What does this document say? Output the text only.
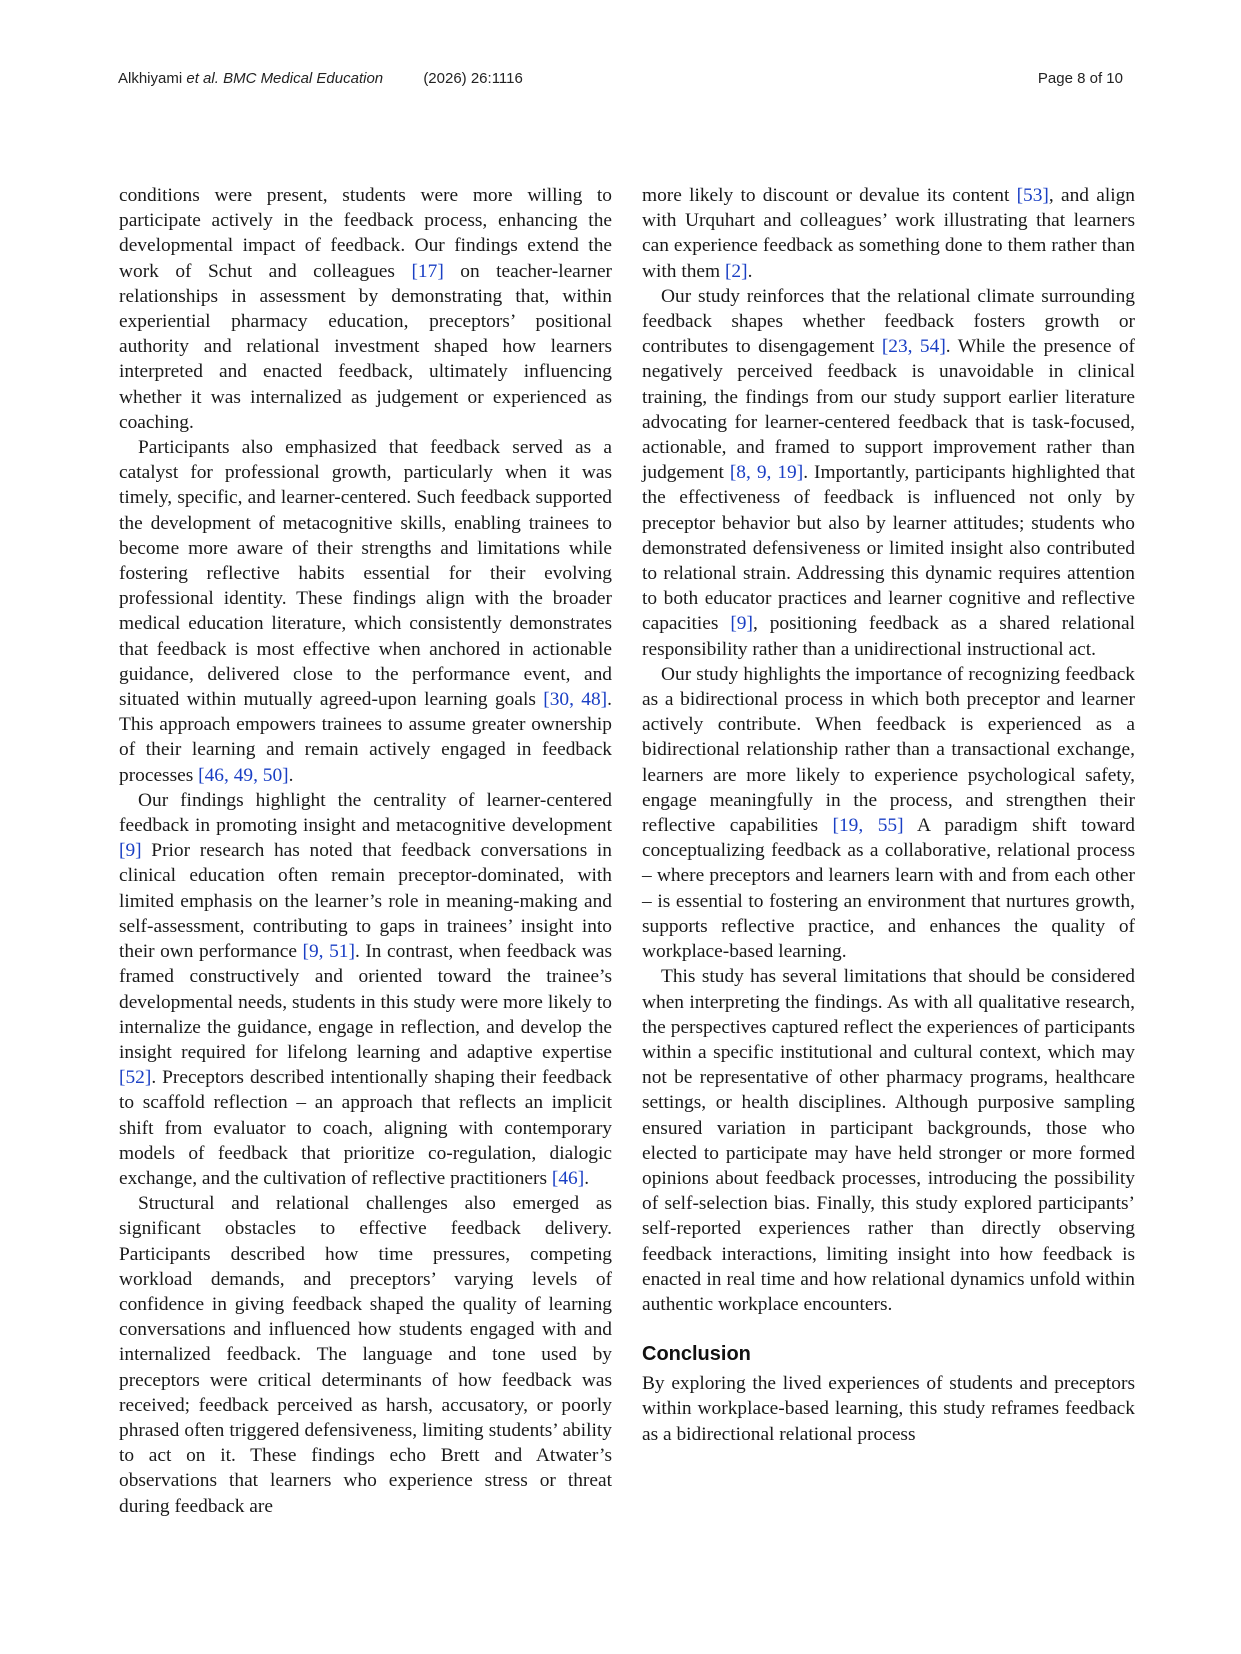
Alkhiyami et al. BMC Medical Education	(2026) 26:1116	Page 8 of 10

conditions were present, students were more willing to participate actively in the feedback process, enhancing the developmental impact of feedback. Our findings extend the work of Schut and colleagues [17] on teacher-learner relationships in assessment by demonstrating that, within experiential pharmacy education, preceptors’ positional authority and relational investment shaped how learners interpreted and enacted feedback, ultimately influencing whether it was internalized as judgement or experienced as coaching.

Participants also emphasized that feedback served as a catalyst for professional growth, particularly when it was timely, specific, and learner-centered. Such feedback supported the development of metacognitive skills, enabling trainees to become more aware of their strengths and limitations while fostering reflective habits essential for their evolving professional identity. These findings align with the broader medical education literature, which consistently demonstrates that feedback is most effective when anchored in actionable guidance, delivered close to the performance event, and situated within mutually agreed-upon learning goals [30, 48]. This approach empowers trainees to assume greater ownership of their learning and remain actively engaged in feedback processes [46, 49, 50].

Our findings highlight the centrality of learner-centered feedback in promoting insight and metacognitive development [9] Prior research has noted that feedback conversations in clinical education often remain preceptor-dominated, with limited emphasis on the learner’s role in meaning-making and self-assessment, contributing to gaps in trainees’ insight into their own performance [9, 51]. In contrast, when feedback was framed constructively and oriented toward the trainee’s developmental needs, students in this study were more likely to internalize the guidance, engage in reflection, and develop the insight required for lifelong learning and adaptive expertise [52]. Preceptors described intentionally shaping their feedback to scaffold reflection – an approach that reflects an implicit shift from evaluator to coach, aligning with contemporary models of feedback that prioritize co-regulation, dialogic exchange, and the cultivation of reflective practitioners [46].

Structural and relational challenges also emerged as significant obstacles to effective feedback delivery. Participants described how time pressures, competing workload demands, and preceptors’ varying levels of confidence in giving feedback shaped the quality of learning conversations and influenced how students engaged with and internalized feedback. The language and tone used by preceptors were critical determinants of how feedback was received; feedback perceived as harsh, accusatory, or poorly phrased often triggered defensiveness, limiting students’ ability to act on it. These findings echo Brett and Atwater’s observations that learners who experience stress or threat during feedback are

more likely to discount or devalue its content [53], and align with Urquhart and colleagues’ work illustrating that learners can experience feedback as something done to them rather than with them [2].

Our study reinforces that the relational climate surrounding feedback shapes whether feedback fosters growth or contributes to disengagement [23, 54]. While the presence of negatively perceived feedback is unavoidable in clinical training, the findings from our study support earlier literature advocating for learner-centered feedback that is task-focused, actionable, and framed to support improvement rather than judgement [8, 9, 19]. Importantly, participants highlighted that the effectiveness of feedback is influenced not only by preceptor behavior but also by learner attitudes; students who demonstrated defensiveness or limited insight also contributed to relational strain. Addressing this dynamic requires attention to both educator practices and learner cognitive and reflective capacities [9], positioning feedback as a shared relational responsibility rather than a unidirectional instructional act.

Our study highlights the importance of recognizing feedback as a bidirectional process in which both preceptor and learner actively contribute. When feedback is experienced as a bidirectional relationship rather than a transactional exchange, learners are more likely to experience psychological safety, engage meaningfully in the process, and strengthen their reflective capabilities [19, 55] A paradigm shift toward conceptualizing feedback as a collaborative, relational process – where preceptors and learners learn with and from each other – is essential to fostering an environment that nurtures growth, supports reflective practice, and enhances the quality of workplace-based learning.

This study has several limitations that should be considered when interpreting the findings. As with all qualitative research, the perspectives captured reflect the experiences of participants within a specific institutional and cultural context, which may not be representative of other pharmacy programs, healthcare settings, or health disciplines. Although purposive sampling ensured variation in participant backgrounds, those who elected to participate may have held stronger or more formed opinions about feedback processes, introducing the possibility of self-selection bias. Finally, this study explored participants’ self-reported experiences rather than directly observing feedback interactions, limiting insight into how feedback is enacted in real time and how relational dynamics unfold within authentic workplace encounters.

Conclusion

By exploring the lived experiences of students and preceptors within workplace-based learning, this study reframes feedback as a bidirectional relational process
